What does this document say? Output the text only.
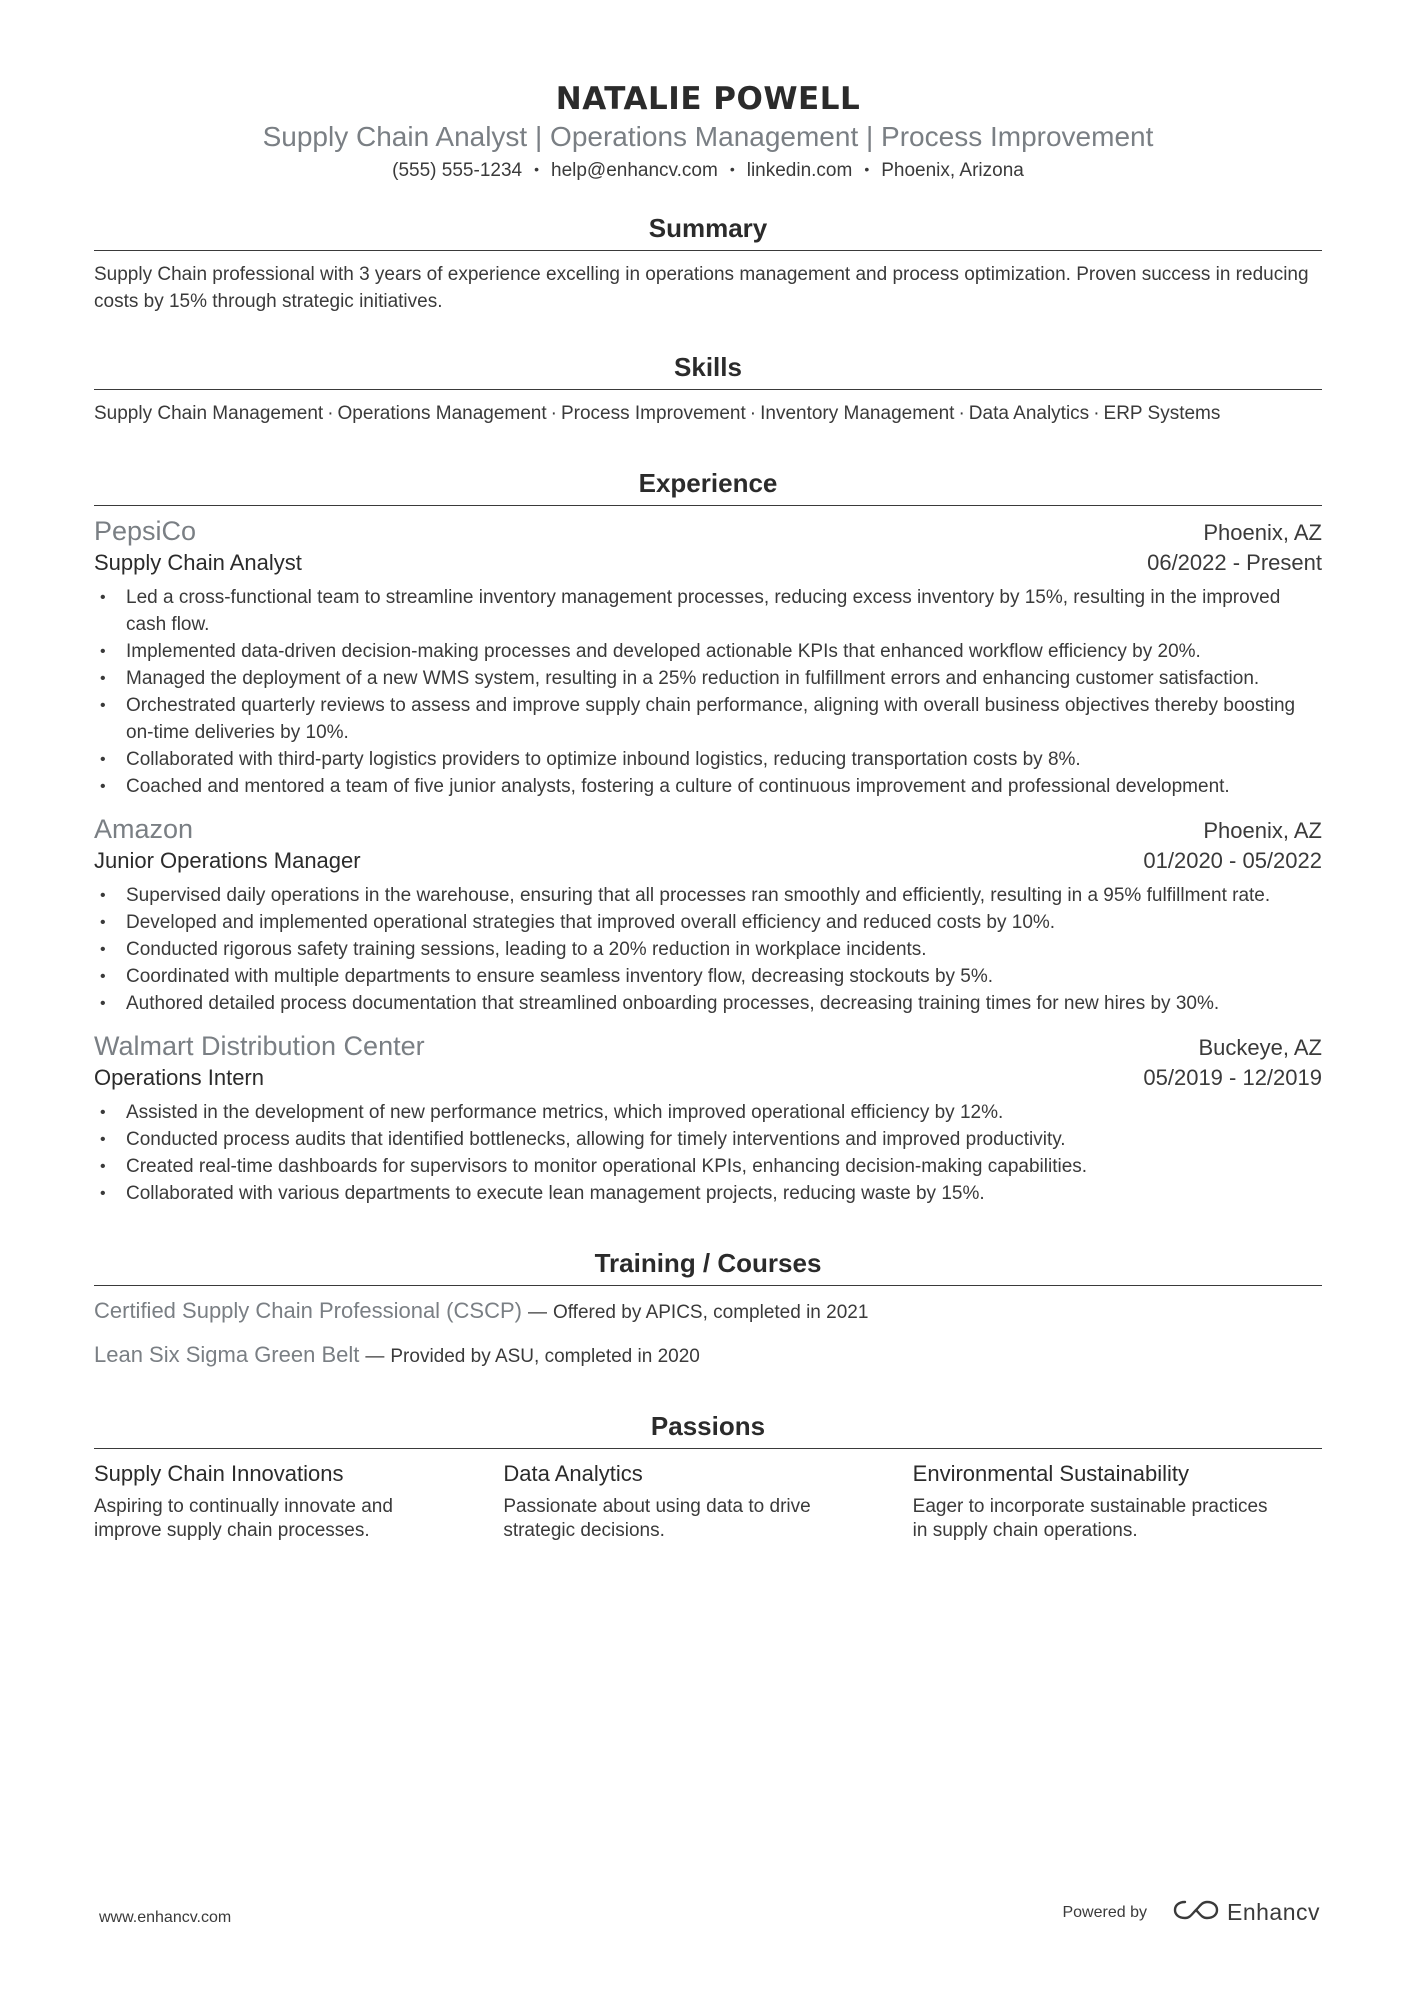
NATALIE POWELL
Supply Chain Analyst | Operations Management | Process Improvement
(555) 555-1234 • help@enhancv.com • linkedin.com • Phoenix, Arizona
Summary
Supply Chain professional with 3 years of experience excelling in operations management and process optimization. Proven success in reducing costs by 15% through strategic initiatives.
Skills
Supply Chain Management · Operations Management · Process Improvement · Inventory Management · Data Analytics · ERP Systems
Experience
PepsiCo	Phoenix, AZ
Supply Chain Analyst	06/2022 - Present
• Led a cross-functional team to streamline inventory management processes, reducing excess inventory by 15%, resulting in the improved cash flow.
• Implemented data-driven decision-making processes and developed actionable KPIs that enhanced workflow efficiency by 20%.
• Managed the deployment of a new WMS system, resulting in a 25% reduction in fulfillment errors and enhancing customer satisfaction.
• Orchestrated quarterly reviews to assess and improve supply chain performance, aligning with overall business objectives thereby boosting on-time deliveries by 10%.
• Collaborated with third-party logistics providers to optimize inbound logistics, reducing transportation costs by 8%.
• Coached and mentored a team of five junior analysts, fostering a culture of continuous improvement and professional development.
Amazon	Phoenix, AZ
Junior Operations Manager	01/2020 - 05/2022
• Supervised daily operations in the warehouse, ensuring that all processes ran smoothly and efficiently, resulting in a 95% fulfillment rate.
• Developed and implemented operational strategies that improved overall efficiency and reduced costs by 10%.
• Conducted rigorous safety training sessions, leading to a 20% reduction in workplace incidents.
• Coordinated with multiple departments to ensure seamless inventory flow, decreasing stockouts by 5%.
• Authored detailed process documentation that streamlined onboarding processes, decreasing training times for new hires by 30%.
Walmart Distribution Center	Buckeye, AZ
Operations Intern	05/2019 - 12/2019
• Assisted in the development of new performance metrics, which improved operational efficiency by 12%.
• Conducted process audits that identified bottlenecks, allowing for timely interventions and improved productivity.
• Created real-time dashboards for supervisors to monitor operational KPIs, enhancing decision-making capabilities.
• Collaborated with various departments to execute lean management projects, reducing waste by 15%.
Training / Courses
Certified Supply Chain Professional (CSCP) — Offered by APICS, completed in 2021
Lean Six Sigma Green Belt — Provided by ASU, completed in 2020
Passions
Supply Chain Innovations
Aspiring to continually innovate and improve supply chain processes.
Data Analytics
Passionate about using data to drive strategic decisions.
Environmental Sustainability
Eager to incorporate sustainable practices in supply chain operations.
www.enhancv.com	Powered by	Enhancv
